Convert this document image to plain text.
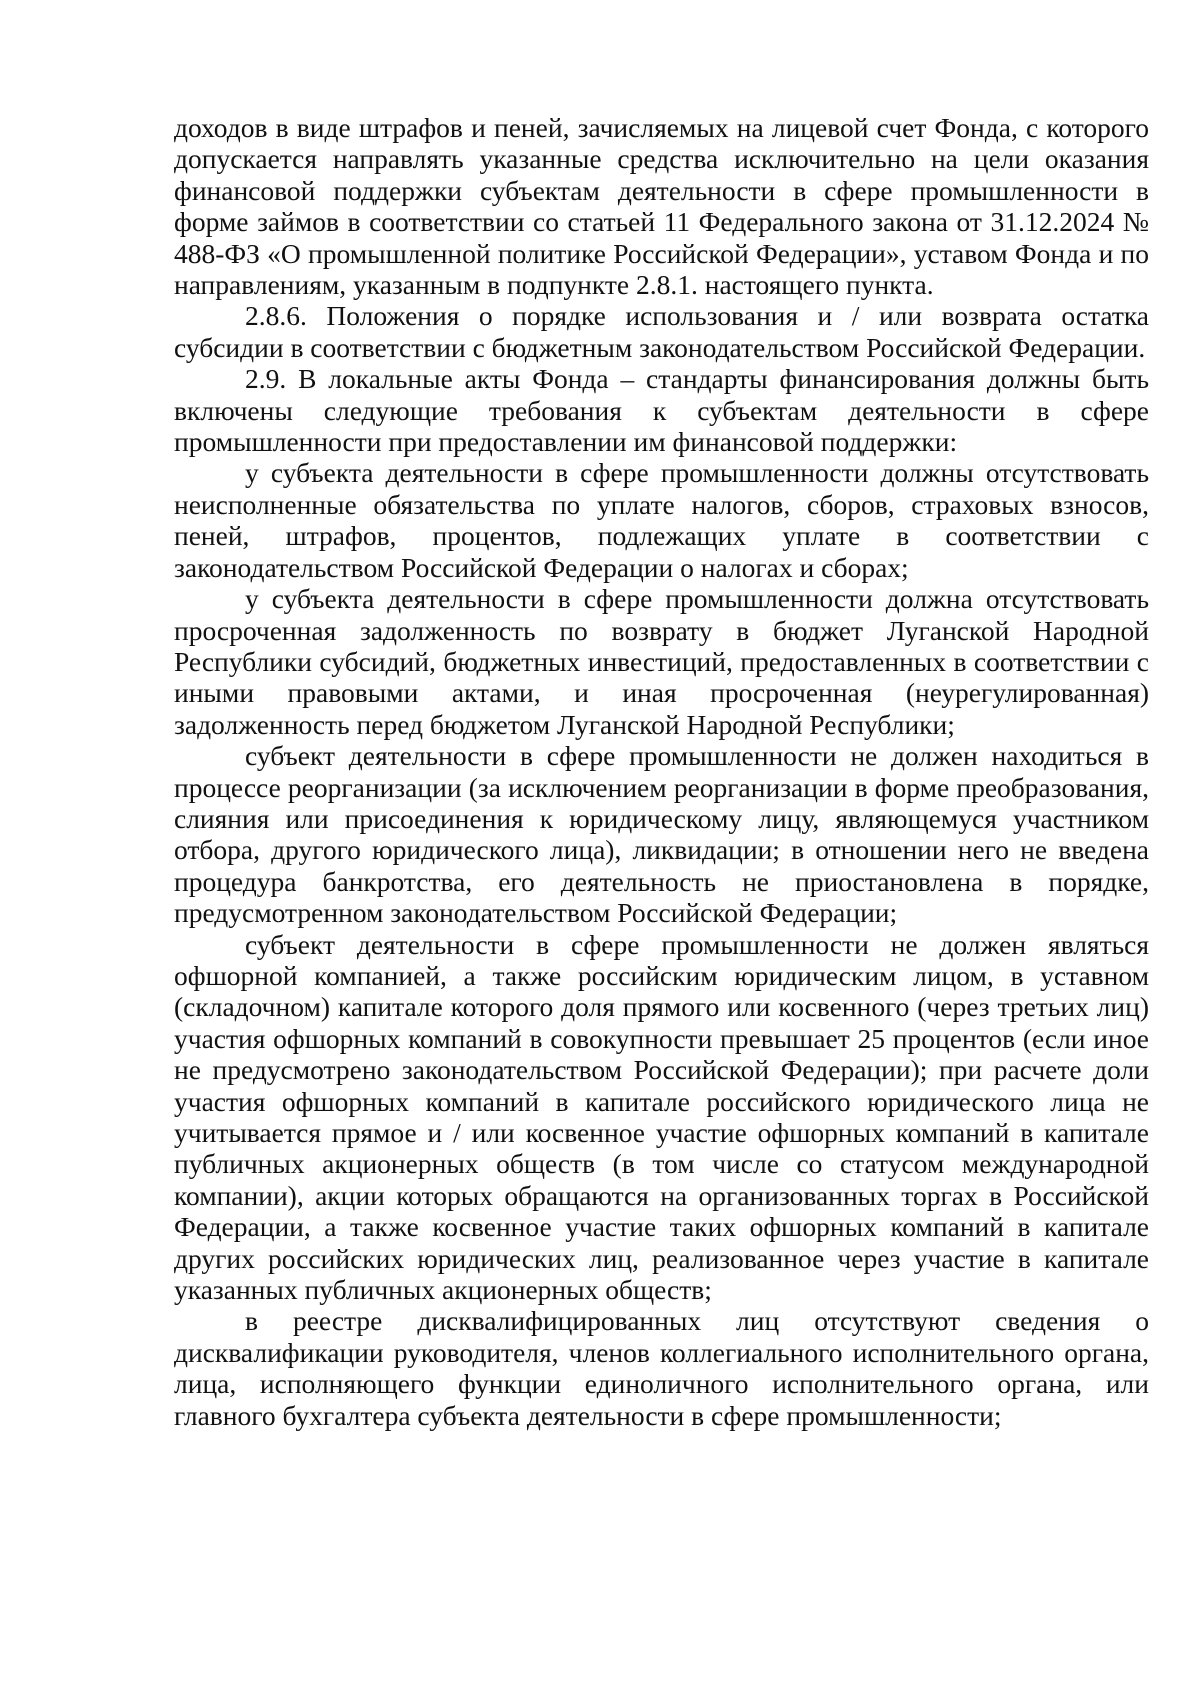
доходов в виде штрафов и пеней, зачисляемых на лицевой счет Фонда, с которого допускается направлять указанные средства исключительно на цели оказания финансовой поддержки субъектам деятельности в сфере промышленности в форме займов в соответствии со статьей 11 Федерального закона от 31.12.2024 № 488-ФЗ «О промышленной политике Российской Федерации», уставом Фонда и по направлениям, указанным в подпункте 2.8.1. настоящего пункта.

2.8.6. Положения о порядке использования и / или возврата остатка субсидии в соответствии с бюджетным законодательством Российской Федерации.

2.9. В локальные акты Фонда – стандарты финансирования должны быть включены следующие требования к субъектам деятельности в сфере промышленности при предоставлении им финансовой поддержки:

у субъекта деятельности в сфере промышленности должны отсутствовать неисполненные обязательства по уплате налогов, сборов, страховых взносов, пеней, штрафов, процентов, подлежащих уплате в соответствии с законодательством Российской Федерации о налогах и сборах;

у субъекта деятельности в сфере промышленности должна отсутствовать просроченная задолженность по возврату в бюджет Луганской Народной Республики субсидий, бюджетных инвестиций, предоставленных в соответствии с иными правовыми актами, и иная просроченная (неурегулированная) задолженность перед бюджетом Луганской Народной Республики;

субъект деятельности в сфере промышленности не должен находиться в процессе реорганизации (за исключением реорганизации в форме преобразования, слияния или присоединения к юридическому лицу, являющемуся участником отбора, другого юридического лица), ликвидации; в отношении него не введена процедура банкротства, его деятельность не приостановлена в порядке, предусмотренном законодательством Российской Федерации;

субъект деятельности в сфере промышленности не должен являться офшорной компанией, а также российским юридическим лицом, в уставном (складочном) капитале которого доля прямого или косвенного (через третьих лиц) участия офшорных компаний в совокупности превышает 25 процентов (если иное не предусмотрено законодательством Российской Федерации); при расчете доли участия офшорных компаний в капитале российского юридического лица не учитывается прямое и / или косвенное участие офшорных компаний в капитале публичных акционерных обществ (в том числе со статусом международной компании), акции которых обращаются на организованных торгах в Российской Федерации, а также косвенное участие таких офшорных компаний в капитале других российских юридических лиц, реализованное через участие в капитале указанных публичных акционерных обществ;

в реестре дисквалифицированных лиц отсутствуют сведения о дисквалификации руководителя, членов коллегиального исполнительного органа, лица, исполняющего функции единоличного исполнительного органа, или главного бухгалтера субъекта деятельности в сфере промышленности;
